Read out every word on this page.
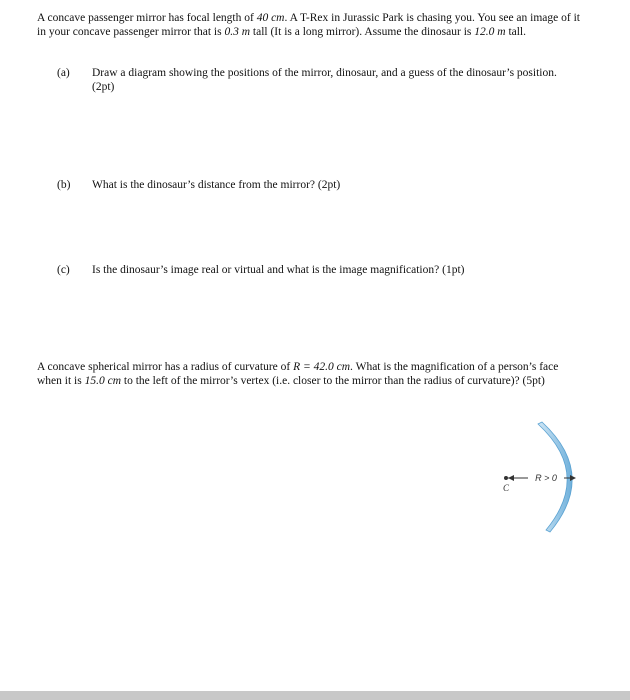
A concave passenger mirror has focal length of 40 cm. A T-Rex in Jurassic Park is chasing you. You see an image of it in your concave passenger mirror that is 0.3 m tall (It is a long mirror). Assume the dinosaur is 12.0 m tall.

(a)	Draw a diagram showing the positions of the mirror, dinosaur, and a guess of the dinosaur’s position. (2pt)
(b)	What is the dinosaur’s distance from the mirror? (2pt)
(c)	Is the dinosaur’s image real or virtual and what is the image magnification? (1pt)

A concave spherical mirror has a radius of curvature of R = 42.0 cm. What is the magnification of a person’s face when it is 15.0 cm to the left of the mirror’s vertex (i.e. closer to the mirror than the radius of curvature)? (5pt)

R > 0
C
